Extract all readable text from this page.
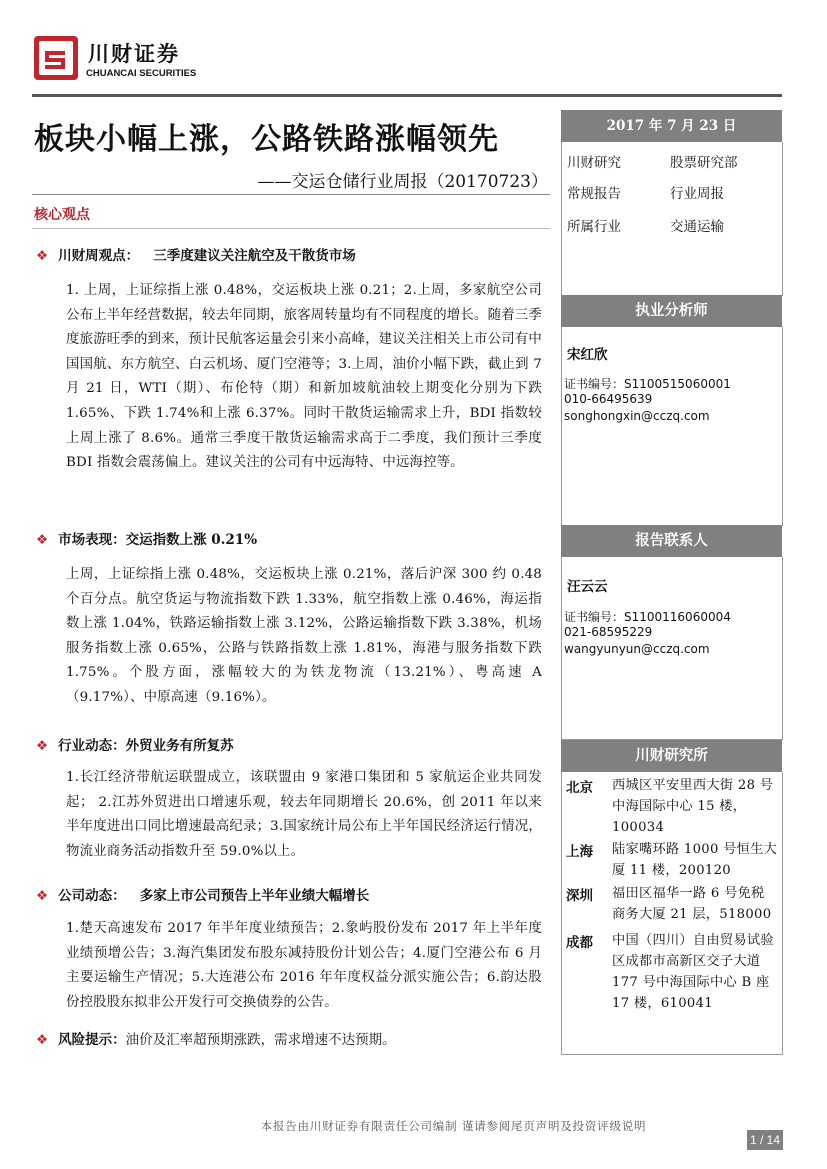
川财证券
CHUANCAI SECURITIES
板块小幅上涨，公路铁路涨幅领先
——交运仓储行业周报（20170723）
核心观点
❖ 川财周观点： 三季度建议关注航空及干散货市场
1. 上周，上证综指上涨 0.48%，交运板块上涨 0.21；2.上周，多家航空公司公布上半年经营数据，较去年同期，旅客周转量均有不同程度的增长。随着三季度旅游旺季的到来，预计民航客运量会引来小高峰，建议关注相关上市公司有中国国航、东方航空、白云机场、厦门空港等；3.上周，油价小幅下跌，截止到 7 月 21 日，WTI（期）、布伦特（期）和新加坡航油较上期变化分别为下跌 1.65%、下跌 1.74%和上涨 6.37%。同时干散货运输需求上升，BDI 指数较上周上涨了 8.6%。通常三季度干散货运输需求高于二季度，我们预计三季度 BDI 指数会震荡偏上。建议关注的公司有中远海特、中远海控等。
❖ 市场表现：交运指数上涨 0.21%
上周，上证综指上涨 0.48%，交运板块上涨 0.21%，落后沪深 300 约 0.48 个百分点。航空货运与物流指数下跌 1.33%，航空指数上涨 0.46%，海运指数上涨 1.04%，铁路运输指数上涨 3.12%，公路运输指数下跌 3.38%，机场服务指数上涨 0.65%，公路与铁路指数上涨 1.81%，海港与服务指数下跌 1.75%。个股方面，涨幅较大的为铁龙物流（13.21%）、粤高速 A（9.17%）、中原高速（9.16%）。
❖ 行业动态：外贸业务有所复苏
1.长江经济带航运联盟成立，该联盟由 9 家港口集团和 5 家航运企业共同发起； 2.江苏外贸进出口增速乐观，较去年同期增长 20.6%，创 2011 年以来半年度进出口同比增速最高纪录；3.国家统计局公布上半年国民经济运行情况，物流业商务活动指数升至 59.0%以上。
❖ 公司动态： 多家上市公司预告上半年业绩大幅增长
1.楚天高速发布 2017 年半年度业绩预告；2.象屿股份发布 2017 年上半年度业绩预增公告；3.海汽集团发布股东减持股份计划公告；4.厦门空港公布 6 月主要运输生产情况；5.大连港公布 2016 年年度权益分派实施公告；6.韵达股份控股股东拟非公开发行可交换债券的公告。
❖ 风险提示：油价及汇率超预期涨跌，需求增速不达预期。
2017 年 7 月 23 日
川财研究	股票研究部
常规报告	行业周报
所属行业	交通运输
执业分析师
宋红欣
证书编号：S1100515060001
010-66495639
songhongxin@cczq.com
报告联系人
汪云云
证书编号：S1100116060004
021-68595229
wangyunyun@cczq.com
川财研究所
北京 西城区平安里西大街 28 号中海国际中心 15 楼，100034
上海 陆家嘴环路 1000 号恒生大厦 11 楼，200120
深圳 福田区福华一路 6 号免税商务大厦 21 层，518000
成都 中国（四川）自由贸易试验区成都市高新区交子大道 177 号中海国际中心 B 座 17 楼，610041
本报告由川财证券有限责任公司编制 谨请参阅尾页声明及投资评级说明
1 / 14
